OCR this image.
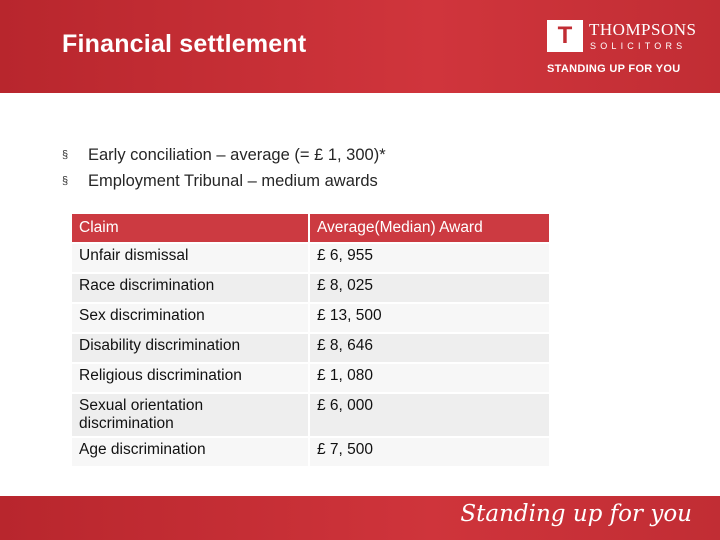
Financial settlement	T THOMPSONS
SOLICITORS
STANDING UP FOR YOU
§ Early conciliation – average (= £ 1, 300)*
§ Employment Tribunal – medium awards
Claim	Average(Median) Award
Unfair dismissal	£ 6, 955
Race discrimination	£ 8, 025
Sex discrimination	£ 13, 500
Disability discrimination	£ 8, 646
Religious discrimination	£ 1, 080
Sexual orientation discrimination	£ 6, 000
Age discrimination	£ 7, 500
Standing up for you
